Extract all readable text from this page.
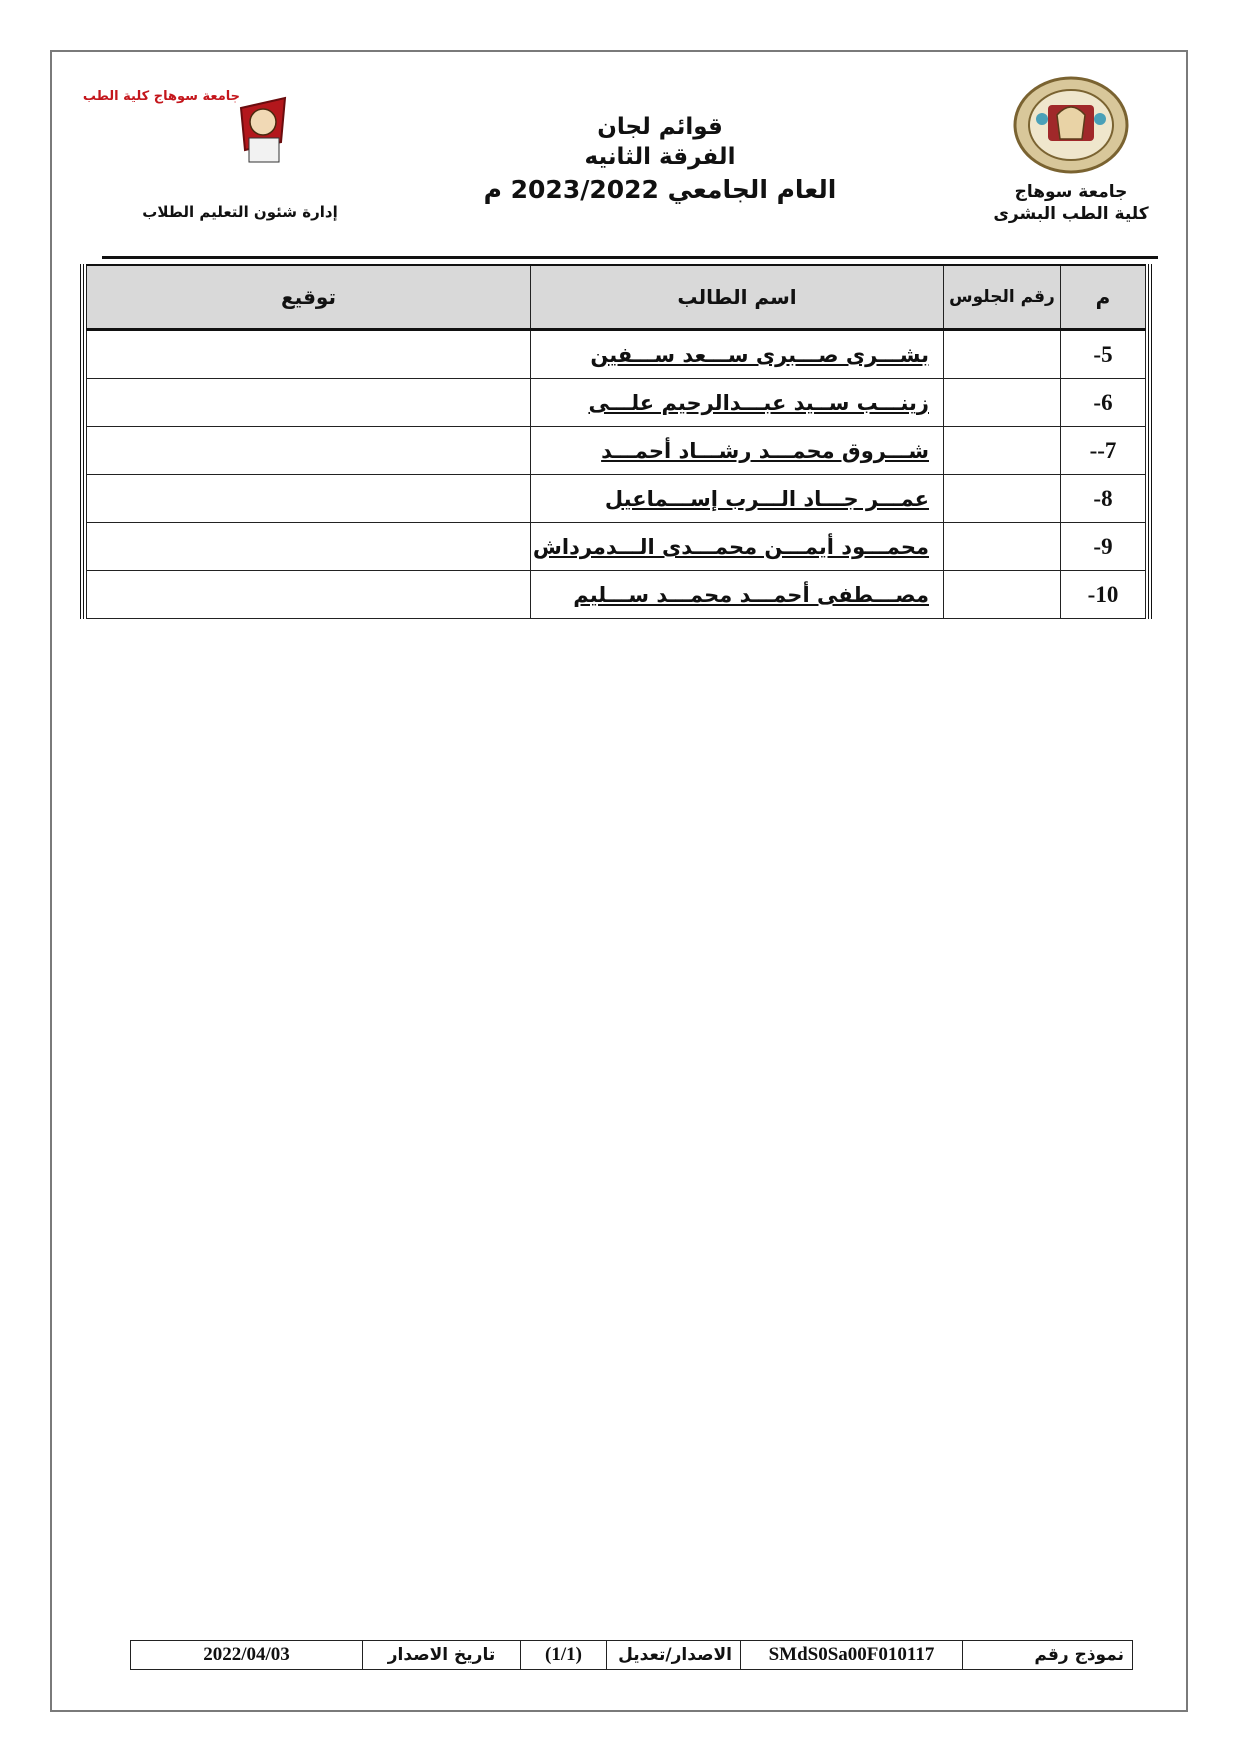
جامعة سوهاج
كلية الطب البشرى
قوائم لجان
الفرقة الثانيه
العام الجامعي 2023/2022 م
جامعة سوهاج كلية الطب
إدارة شئون التعليم الطلاب
م	رقم الجلوس	اسم الطالب	توقيع
5-		بشـــرى صـــبرى ســـعد ســـفين	
6-		زينـــب ســيد عبـــدالرحيم علـــى	
7--		شـــروق محمـــد رشـــاد أحمـــد	
8-		عمـــر جـــاد الـــرب إســـماعيل	
9-		محمـــود أيمـــن محمـــدى الـــدمرداش	
10-		مصـــطفى أحمـــد محمـــد ســـليم	
نموذج رقم	SMdS0Sa00F010117	الاصدار/تعديل	(1/1)	تاريخ الاصدار	2022/04/03
